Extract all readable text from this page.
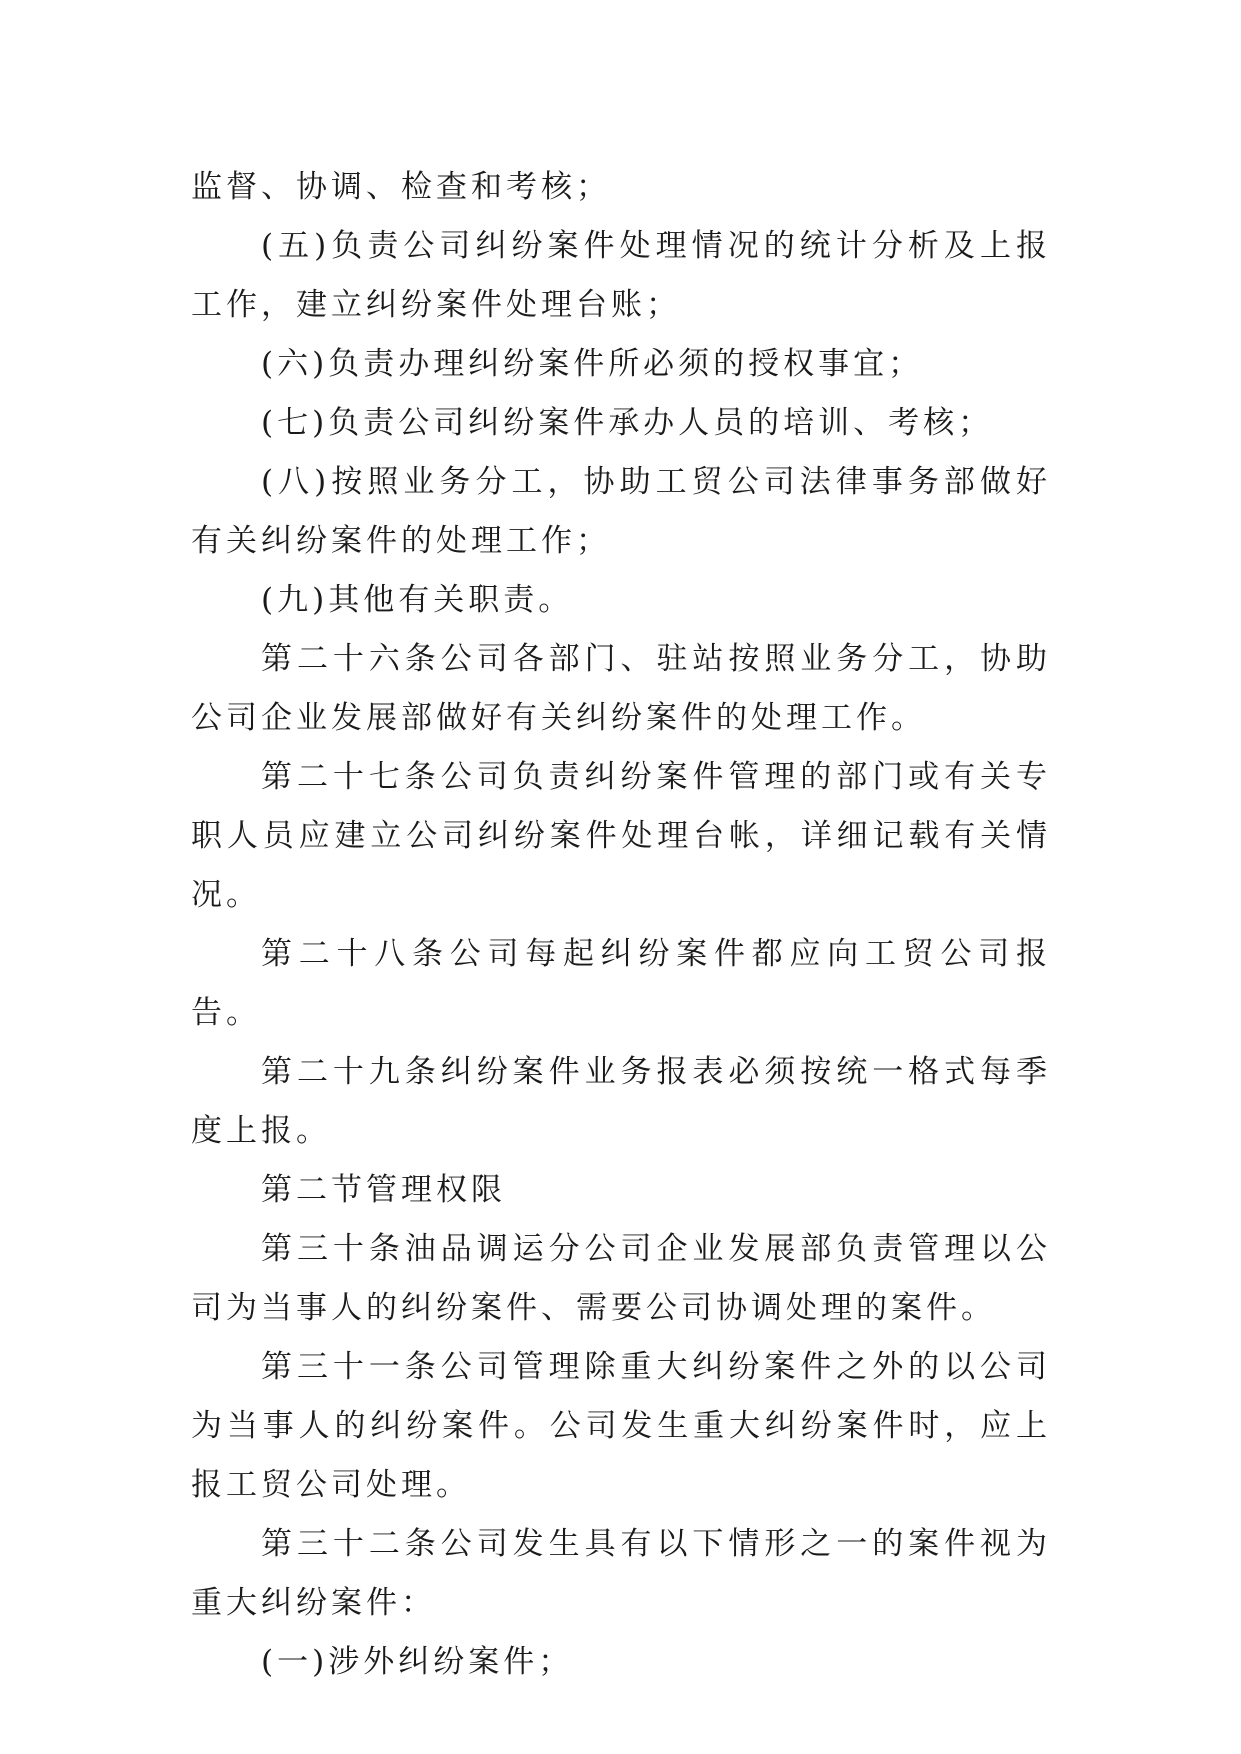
监督、协调、检查和考核；

(五)负责公司纠纷案件处理情况的统计分析及上报工作，建立纠纷案件处理台账；

(六)负责办理纠纷案件所必须的授权事宜；

(七)负责公司纠纷案件承办人员的培训、考核；

(八)按照业务分工，协助工贸公司法律事务部做好有关纠纷案件的处理工作；

(九)其他有关职责。

第二十六条公司各部门、驻站按照业务分工，协助公司企业发展部做好有关纠纷案件的处理工作。

第二十七条公司负责纠纷案件管理的部门或有关专职人员应建立公司纠纷案件处理台帐，详细记载有关情况。

第二十八条公司每起纠纷案件都应向工贸公司报告。

第二十九条纠纷案件业务报表必须按统一格式每季度上报。

第二节管理权限

第三十条油品调运分公司企业发展部负责管理以公司为当事人的纠纷案件、需要公司协调处理的案件。

第三十一条公司管理除重大纠纷案件之外的以公司为当事人的纠纷案件。公司发生重大纠纷案件时，应上报工贸公司处理。

第三十二条公司发生具有以下情形之一的案件视为重大纠纷案件：

(一)涉外纠纷案件；
